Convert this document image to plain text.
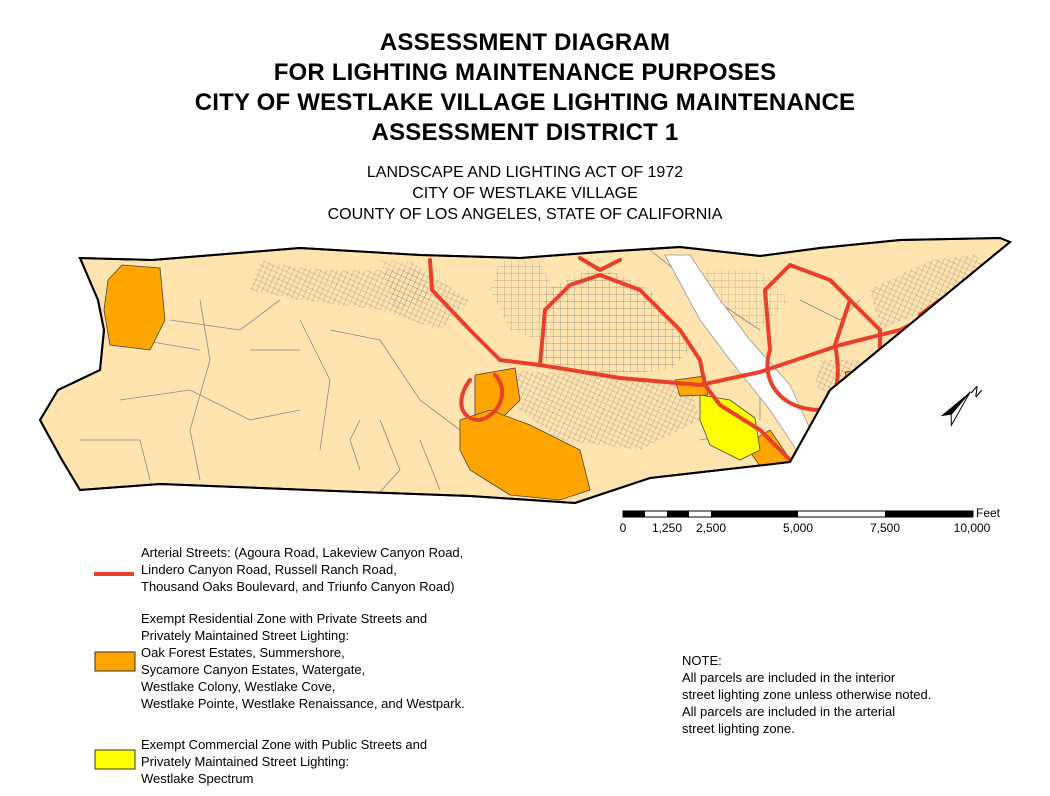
ASSESSMENT DIAGRAM
FOR LIGHTING MAINTENANCE PURPOSES
CITY OF WESTLAKE VILLAGE LIGHTING MAINTENANCE
ASSESSMENT DISTRICT 1
LANDSCAPE AND LIGHTING ACT OF 1972
CITY OF WESTLAKE VILLAGE
COUNTY OF LOS ANGELES, STATE OF CALIFORNIA
N
Feet
0 1,250 2,500	5,000	7,500	10,000
Arterial Streets: (Agoura Road, Lakeview Canyon Road,
Lindero Canyon Road, Russell Ranch Road,
Thousand Oaks Boulevard, and Triunfo Canyon Road)
Exempt Residential Zone with Private Streets and
Privately Maintained Street Lighting:
Oak Forest Estates, Summershore,
Sycamore Canyon Estates, Watergate,
Westlake Colony, Westlake Cove,
Westlake Pointe, Westlake Renaissance, and Westpark.
Exempt Commercial Zone with Public Streets and
Privately Maintained Street Lighting:
Westlake Spectrum
NOTE:
All parcels are included in the interior
street lighting zone unless otherwise noted.
All parcels are included in the arterial
street lighting zone.
